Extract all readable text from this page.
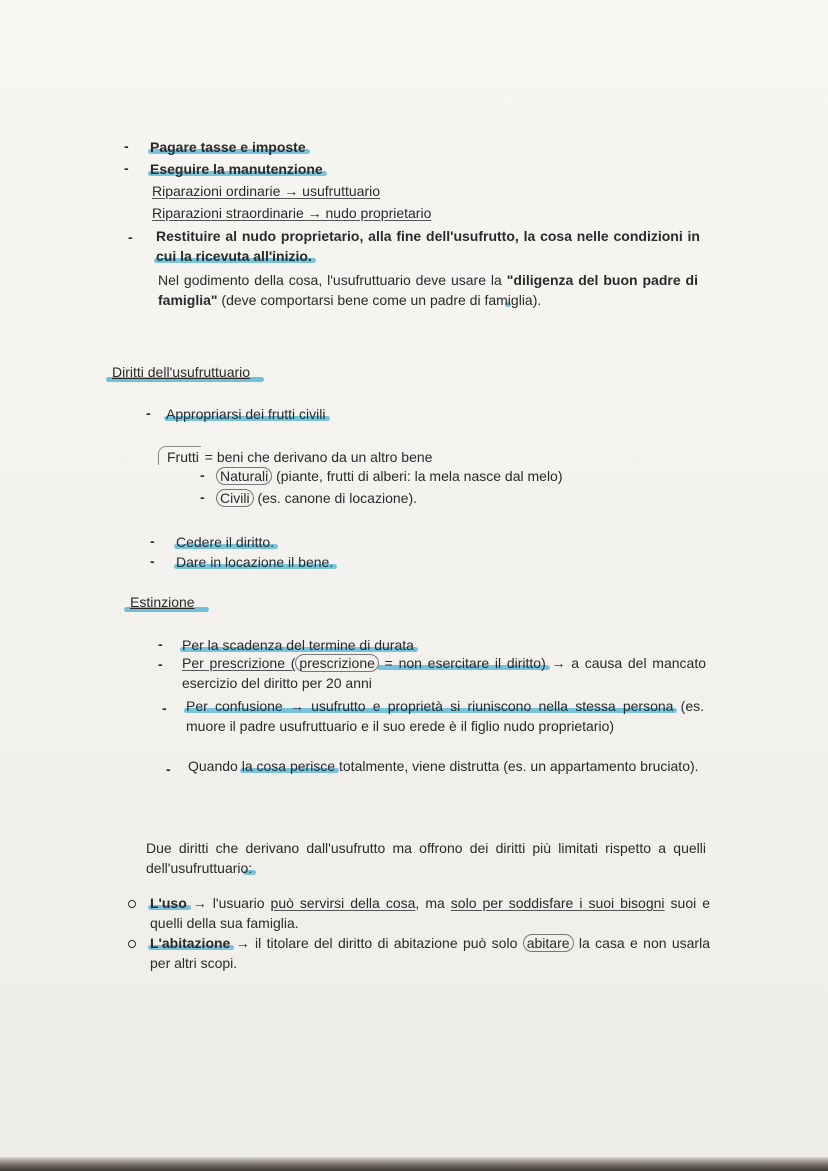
- Pagare tasse e imposte
- Eseguire la manutenzione
Riparazioni ordinarie → usufruttuario
Riparazioni straordinarie → nudo proprietario
- Restituire al nudo proprietario, alla fine dell'usufrutto, la cosa nelle condizioni in cui la ricevuta all'inizio.
Nel godimento della cosa, l'usufruttuario deve usare la "diligenza del buon padre di famiglia" (deve comportarsi bene come un padre di famiglia).
Diritti dell'usufruttuario
- Appropriarsi dei frutti civili
Frutti = beni che derivano da un altro bene
- Naturali (piante, frutti di alberi: la mela nasce dal melo)
- Civili (es. canone di locazione).
- Cedere il diritto.
- Dare in locazione il bene.
Estinzione
- Per la scadenza del termine di durata
- Per prescrizione ( prescrizione = non esercitare il diritto) → a causa del mancato esercizio del diritto per 20 anni
- Per confusione → usufrutto e proprietà si riuniscono nella stessa persona (es. muore il padre usufruttuario e il suo erede è il figlio nudo proprietario)
- Quando la cosa perisce totalmente, viene distrutta (es. un appartamento bruciato).
Due diritti che derivano dall'usufrutto ma offrono dei diritti più limitati rispetto a quelli dell'usufruttuario:
L'uso → l'usuario può servirsi della cosa, ma solo per soddisfare i suoi bisogni suoi e quelli della sua famiglia.
L'abitazione → il titolare del diritto di abitazione può solo abitare la casa e non usarla per altri scopi.
